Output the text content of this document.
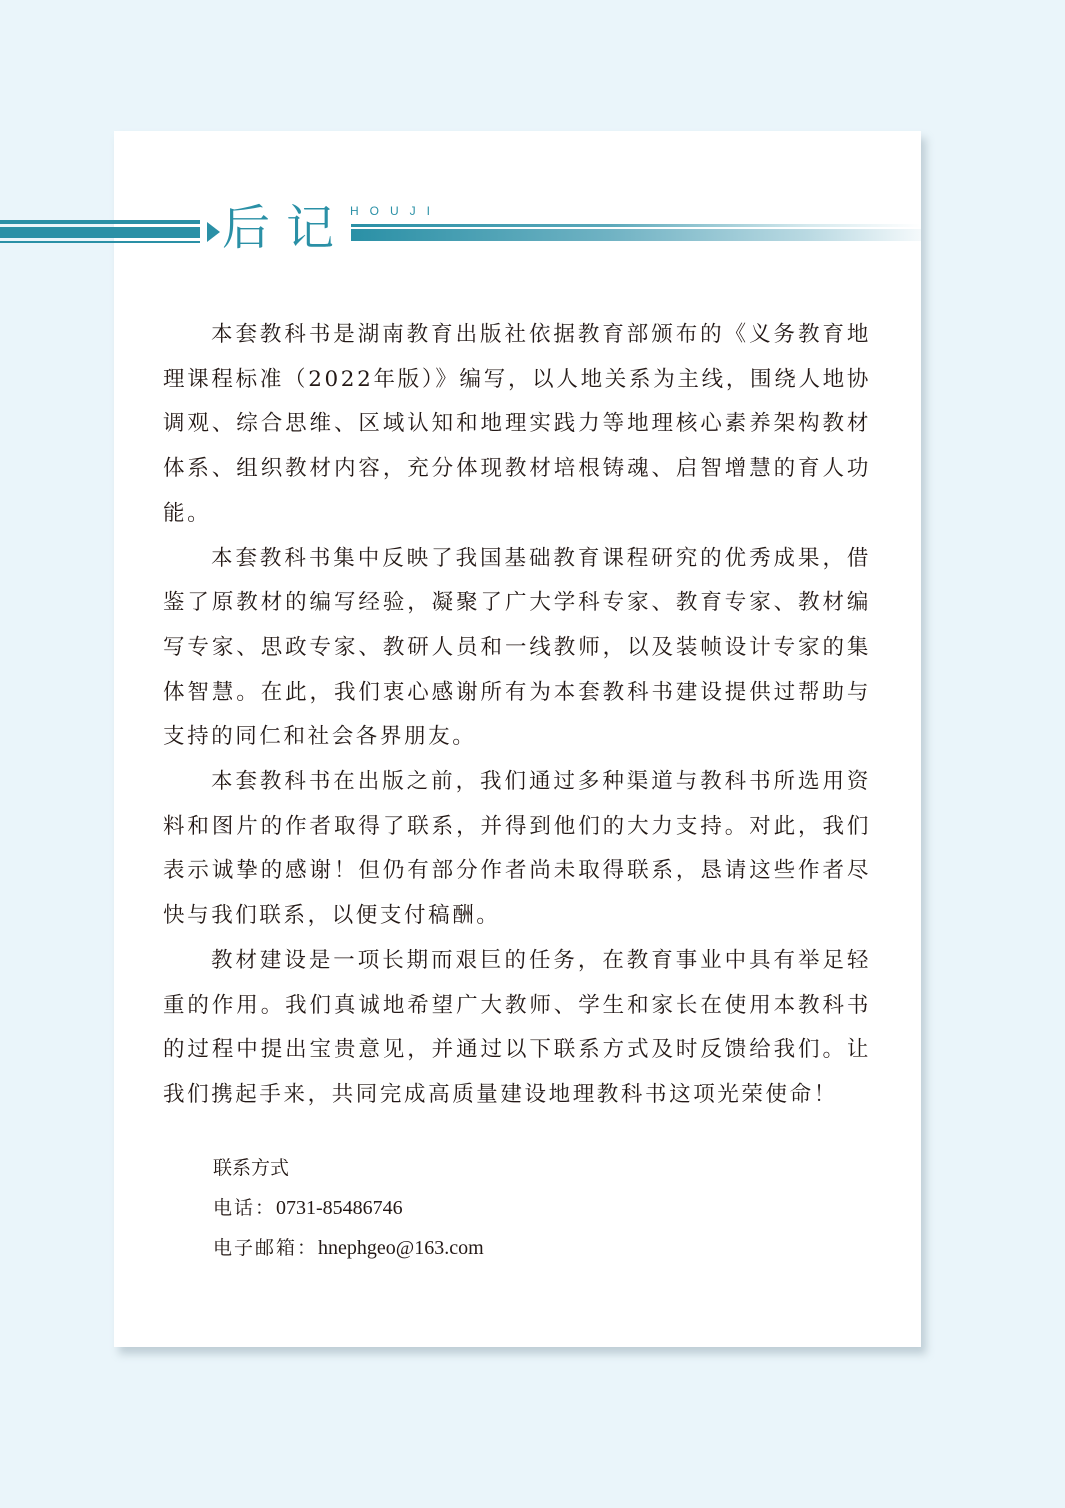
后记 HOUJI

本套教科书是湖南教育出版社依据教育部颁布的《义务教育地理课程标准（2022年版）》编写，以人地关系为主线，围绕人地协调观、综合思维、区域认知和地理实践力等地理核心素养架构教材体系、组织教材内容，充分体现教材培根铸魂、启智增慧的育人功能。

本套教科书集中反映了我国基础教育课程研究的优秀成果，借鉴了原教材的编写经验，凝聚了广大学科专家、教育专家、教材编写专家、思政专家、教研人员和一线教师，以及装帧设计专家的集体智慧。在此，我们衷心感谢所有为本套教科书建设提供过帮助与支持的同仁和社会各界朋友。

本套教科书在出版之前，我们通过多种渠道与教科书所选用资料和图片的作者取得了联系，并得到他们的大力支持。对此，我们表示诚挚的感谢！但仍有部分作者尚未取得联系，恳请这些作者尽快与我们联系，以便支付稿酬。

教材建设是一项长期而艰巨的任务，在教育事业中具有举足轻重的作用。我们真诚地希望广大教师、学生和家长在使用本教科书的过程中提出宝贵意见，并通过以下联系方式及时反馈给我们。让我们携起手来，共同完成高质量建设地理教科书这项光荣使命！

联系方式
电话：0731-85486746
电子邮箱：hnephgeo@163.com
